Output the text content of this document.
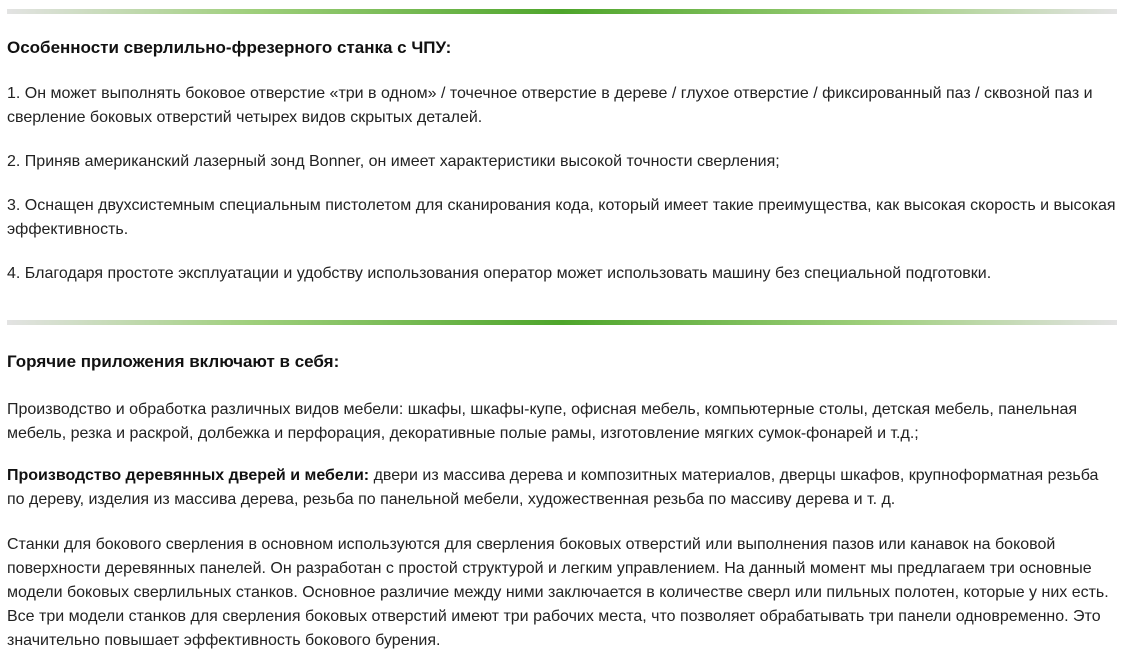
Особенности сверлильно-фрезерного станка с ЧПУ:

1. Он может выполнять боковое отверстие «три в одном» / точечное отверстие в дереве / глухое отверстие / фиксированный паз / сквозной паз и сверление боковых отверстий четырех видов скрытых деталей.

2. Приняв американский лазерный зонд Bonner, он имеет характеристики высокой точности сверления;

3. Оснащен двухсистемным специальным пистолетом для сканирования кода, который имеет такие преимущества, как высокая скорость и высокая эффективность.

4. Благодаря простоте эксплуатации и удобству использования оператор может использовать машину без специальной подготовки.

Горячие приложения включают в себя:

Производство и обработка различных видов мебели: шкафы, шкафы-купе, офисная мебель, компьютерные столы, детская мебель, панельная мебель, резка и раскрой, долбежка и перфорация, декоративные полые рамы, изготовление мягких сумок-фонарей и т.д.;

Производство деревянных дверей и мебели: двери из массива дерева и композитных материалов, дверцы шкафов, крупноформатная резьба по дереву, изделия из массива дерева, резьба по панельной мебели, художественная резьба по массиву дерева и т. д.

Станки для бокового сверления в основном используются для сверления боковых отверстий или выполнения пазов или канавок на боковой поверхности деревянных панелей. Он разработан с простой структурой и легким управлением. На данный момент мы предлагаем три основные модели боковых сверлильных станков. Основное различие между ними заключается в количестве сверл или пильных полотен, которые у них есть. Все три модели станков для сверления боковых отверстий имеют три рабочих места, что позволяет обрабатывать три панели одновременно. Это значительно повышает эффективность бокового бурения.
